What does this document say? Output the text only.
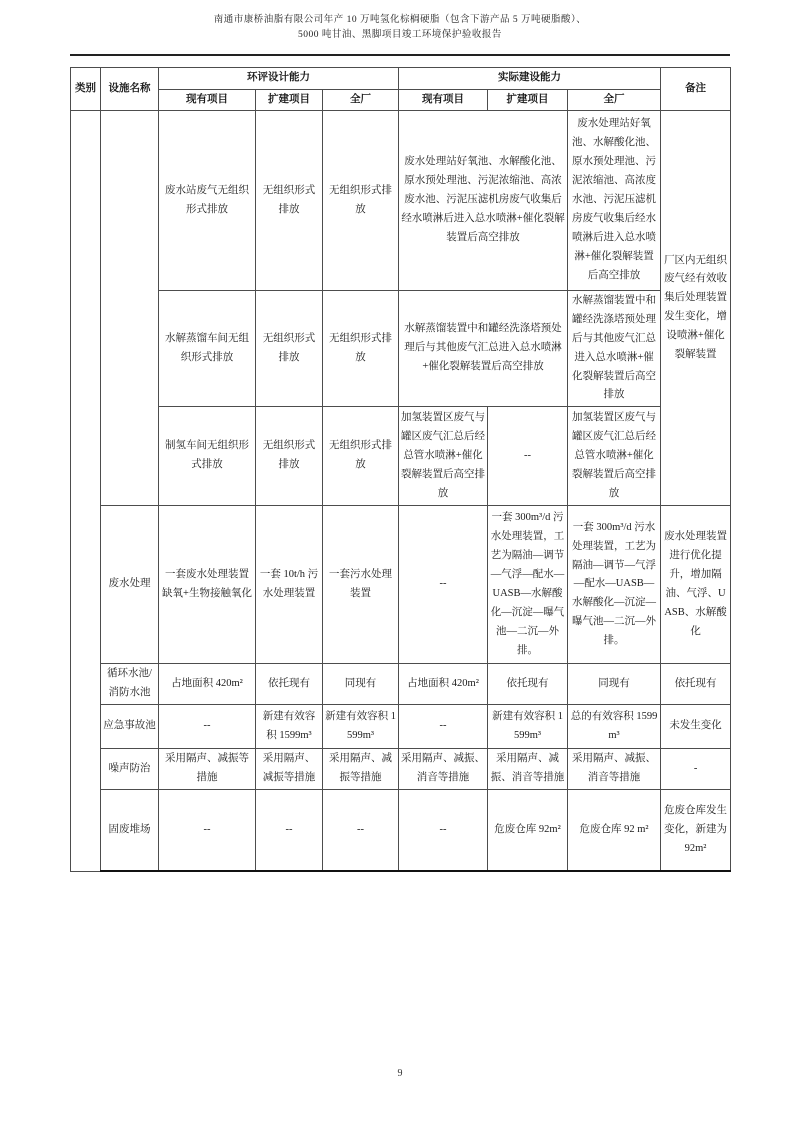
南通市康桥油脂有限公司年产 10 万吨氢化棕榈硬脂（包含下游产品 5 万吨硬脂酸）、
5000 吨甘油、黑脚项目竣工环境保护验收报告
类别	设施名称	环评设计能力			实际建设能力			备注
		现有项目	扩建项目	全厂	现有项目	扩建项目	全厂	
		废水站废气无组织形式排放	无组织形式排放	无组织形式排放	废水处理站好氧池、水解酸化池、原水预处理池、污泥浓缩池、高浓废水池、污泥压滤机房废气收集后经水喷淋后进入总水喷淋+催化裂解装置后高空排放		废水处理站好氧池、水解酸化池、原水预处理池、污泥浓缩池、高浓度水池、污泥压滤机房废气收集后经水喷淋后进入总水喷淋+催化裂解装置后高空排放	厂区内无组织废气经有效收集后处理装置发生变化，增设喷淋+催化裂解装置
		水解蒸馏车间无组织形式排放	无组织形式排放	无组织形式排放	水解蒸馏装置中和罐经洗涤塔预处理后与其他废气汇总进入总水喷淋+催化裂解装置后高空排放		水解蒸馏装置中和罐经洗涤塔预处理后与其他废气汇总进入总水喷淋+催化裂解装置后高空排放	
		制氢车间无组织形式排放	无组织形式排放	无组织形式排放	加氢装置区废气与罐区废气汇总后经总管水喷淋+催化裂解装置后高空排放	--	加氢装置区废气与罐区废气汇总后经总管水喷淋+催化裂解装置后高空排放	
	废水处理	一套废水处理装置缺氧+生物接触氧化	一套 10t/h 污水处理装置	一套污水处理装置	--	一套 300m³/d 污水处理装置，工艺为隔油—调节—气浮—配水—UASB—水解酸化—沉淀—曝气池—二沉—外排。	一套 300m³/d 污水处理装置，工艺为隔油—调节—气浮—配水—UASB—水解酸化—沉淀—曝气池—二沉—外排。	废水处理装置进行优化提升，增加隔油、气浮、UASB、水解酸化
	循环水池/消防水池	占地面积 420m²	依托现有	同现有	占地面积 420m²	依托现有	同现有	依托现有
	应急事故池	--	新建有效容积 1599m³	新建有效容积 1599m³	--	新建有效容积 1599m³	总的有效容积 1599 m³	未发生变化
	噪声防治	采用隔声、减振等措施	采用隔声、减振等措施	采用隔声、减振等措施	采用隔声、减振、消音等措施	采用隔声、减振、消音等措施	采用隔声、减振、消音等措施	-
	固废堆场	--	--	--	--	危废仓库 92m²	危废仓库 92 m²	危废仓库发生变化，新建为 92m²
9
